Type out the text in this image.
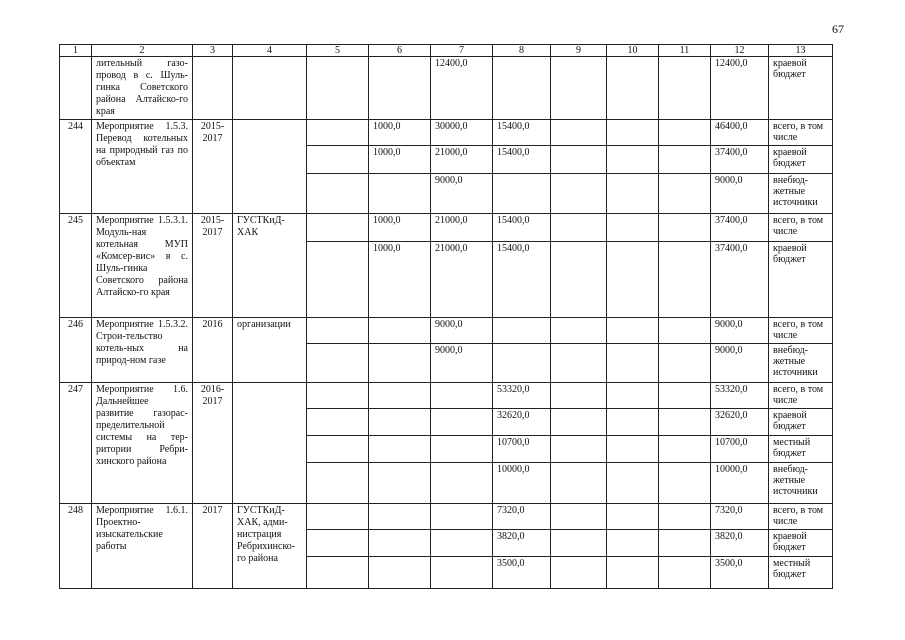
67
1	2	3	4	5	6	7	8	9	10	11	12	13
	лительный газо-провод в с. Шуль-гинка Советского района Алтайско-го края					12400,0					12400,0	краевой бюджет
244	Мероприятие 1.5.3. Перевод котельных на природный газ по объектам	2015-2017			1000,0	30000,0	15400,0				46400,0	всего, в том числе
					1000,0	21000,0	15400,0				37400,0	краевой бюджет
						9000,0					9000,0	внебюд-жетные источники
245	Мероприятие 1.5.3.1. Модуль-ная котельная МУП «Комсер-вис» в с. Шуль-гинка Советского района Алтайско-го края	2015-2017	ГУСТКиД-ХАК		1000,0	21000,0	15400,0				37400,0	всего, в том числе
					1000,0	21000,0	15400,0				37400,0	краевой бюджет
246	Мероприятие 1.5.3.2. Строи-тельство котель-ных на природ-ном газе	2016	организации			9000,0					9000,0	всего, в том числе
						9000,0					9000,0	внебюд-жетные источники
247	Мероприятие 1.6. Дальнейшее развитие газорас-пределительной системы на тер-ритории Ребри-хинского района	2016-2017					53320,0				53320,0	всего, в том числе
							32620,0				32620,0	краевой бюджет
							10700,0				10700,0	местный бюджет
							10000,0				10000,0	внебюд-жетные источники
248	Мероприятие 1.6.1. Проектно-изыскательские работы	2017	ГУСТКиД-ХАК, адми-нистрация Ребрихинско-го района				7320,0				7320,0	всего, в том числе
							3820,0				3820,0	краевой бюджет
							3500,0				3500,0	местный бюджет
